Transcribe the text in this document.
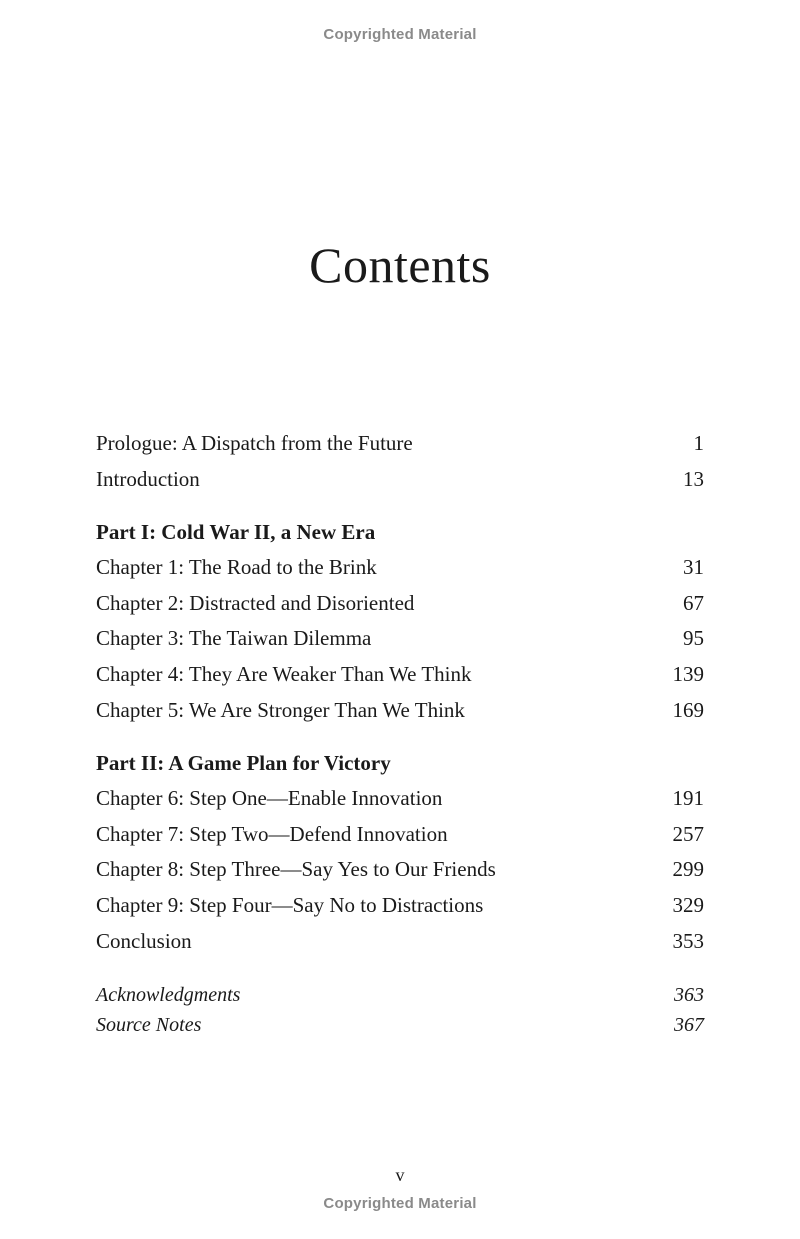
Copyrighted Material
Contents
Prologue: A Dispatch from the Future	1
Introduction	13
Part I: Cold War II, a New Era
Chapter 1: The Road to the Brink	31
Chapter 2: Distracted and Disoriented	67
Chapter 3: The Taiwan Dilemma	95
Chapter 4: They Are Weaker Than We Think	139
Chapter 5: We Are Stronger Than We Think	169
Part II: A Game Plan for Victory
Chapter 6: Step One—Enable Innovation	191
Chapter 7: Step Two—Defend Innovation	257
Chapter 8: Step Three—Say Yes to Our Friends	299
Chapter 9: Step Four—Say No to Distractions	329
Conclusion	353
Acknowledgments	363
Source Notes	367
v
Copyrighted Material
